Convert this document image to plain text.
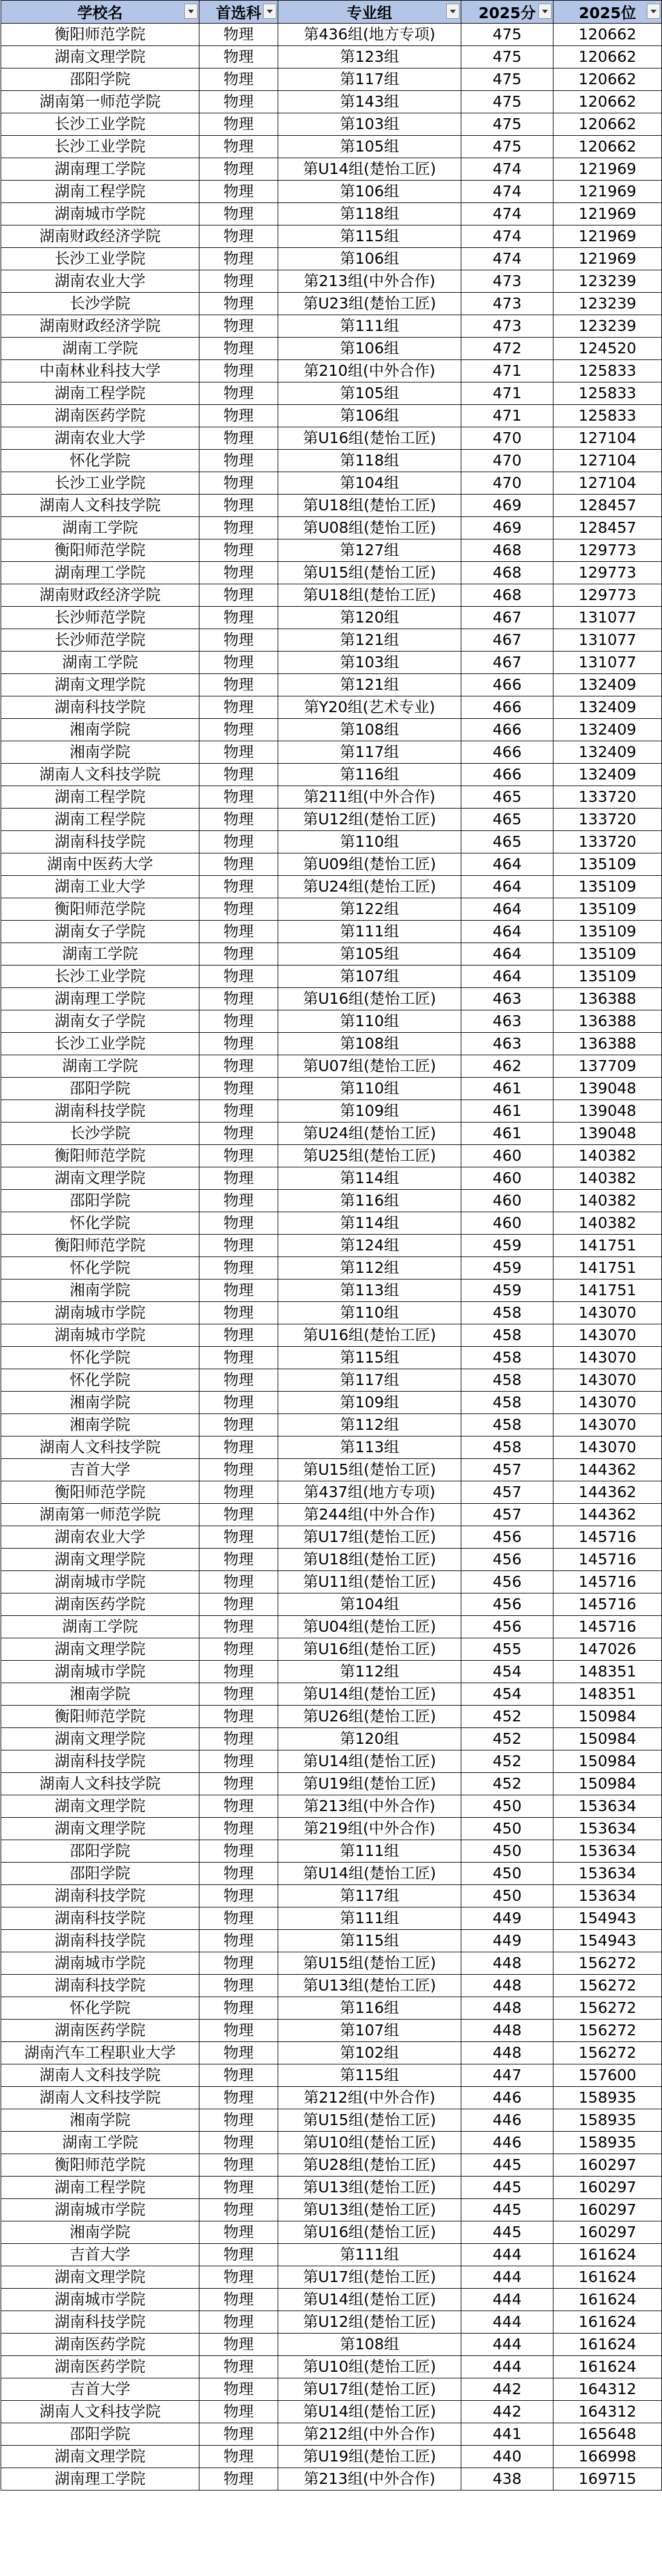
学校名	首选科	专业组	2025分	2025位

衡阳师范学院	物理	第436组(地方专项)	475	120662
湖南文理学院	物理	第123组	475	120662
邵阳学院	物理	第117组	475	120662
湖南第一师范学院	物理	第143组	475	120662
长沙工业学院	物理	第103组	475	120662
长沙工业学院	物理	第105组	475	120662
湖南理工学院	物理	第U14组(楚怡工匠)	474	121969
湖南工程学院	物理	第106组	474	121969
湖南城市学院	物理	第118组	474	121969
湖南财政经济学院	物理	第115组	474	121969
长沙工业学院	物理	第106组	474	121969
湖南农业大学	物理	第213组(中外合作)	473	123239
长沙学院	物理	第U23组(楚怡工匠)	473	123239
湖南财政经济学院	物理	第111组	473	123239
湖南工学院	物理	第106组	472	124520
中南林业科技大学	物理	第210组(中外合作)	471	125833
湖南工程学院	物理	第105组	471	125833
湖南医药学院	物理	第106组	471	125833
湖南农业大学	物理	第U16组(楚怡工匠)	470	127104
怀化学院	物理	第118组	470	127104
长沙工业学院	物理	第104组	470	127104
湖南人文科技学院	物理	第U18组(楚怡工匠)	469	128457
湖南工学院	物理	第U08组(楚怡工匠)	469	128457
衡阳师范学院	物理	第127组	468	129773
湖南理工学院	物理	第U15组(楚怡工匠)	468	129773
湖南财政经济学院	物理	第U18组(楚怡工匠)	468	129773
长沙师范学院	物理	第120组	467	131077
长沙师范学院	物理	第121组	467	131077
湖南工学院	物理	第103组	467	131077
湖南文理学院	物理	第121组	466	132409
湖南科技学院	物理	第Y20组(艺术专业)	466	132409
湘南学院	物理	第108组	466	132409
湘南学院	物理	第117组	466	132409
湖南人文科技学院	物理	第116组	466	132409
湖南工程学院	物理	第211组(中外合作)	465	133720
湖南工程学院	物理	第U12组(楚怡工匠)	465	133720
湖南科技学院	物理	第110组	465	133720
湖南中医药大学	物理	第U09组(楚怡工匠)	464	135109
湖南工业大学	物理	第U24组(楚怡工匠)	464	135109
衡阳师范学院	物理	第122组	464	135109
湖南女子学院	物理	第111组	464	135109
湖南工学院	物理	第105组	464	135109
长沙工业学院	物理	第107组	464	135109
湖南理工学院	物理	第U16组(楚怡工匠)	463	136388
湖南女子学院	物理	第110组	463	136388
长沙工业学院	物理	第108组	463	136388
湖南工学院	物理	第U07组(楚怡工匠)	462	137709
邵阳学院	物理	第110组	461	139048
湖南科技学院	物理	第109组	461	139048
长沙学院	物理	第U24组(楚怡工匠)	461	139048
衡阳师范学院	物理	第U25组(楚怡工匠)	460	140382
湖南文理学院	物理	第114组	460	140382
邵阳学院	物理	第116组	460	140382
怀化学院	物理	第114组	460	140382
衡阳师范学院	物理	第124组	459	141751
怀化学院	物理	第112组	459	141751
湘南学院	物理	第113组	459	141751
湖南城市学院	物理	第110组	458	143070
湖南城市学院	物理	第U16组(楚怡工匠)	458	143070
怀化学院	物理	第115组	458	143070
怀化学院	物理	第117组	458	143070
湘南学院	物理	第109组	458	143070
湘南学院	物理	第112组	458	143070
湖南人文科技学院	物理	第113组	458	143070
吉首大学	物理	第U15组(楚怡工匠)	457	144362
衡阳师范学院	物理	第437组(地方专项)	457	144362
湖南第一师范学院	物理	第244组(中外合作)	457	144362
湖南农业大学	物理	第U17组(楚怡工匠)	456	145716
湖南文理学院	物理	第U18组(楚怡工匠)	456	145716
湖南城市学院	物理	第U11组(楚怡工匠)	456	145716
湖南医药学院	物理	第104组	456	145716
湖南工学院	物理	第U04组(楚怡工匠)	456	145716
湖南文理学院	物理	第U16组(楚怡工匠)	455	147026
湖南城市学院	物理	第112组	454	148351
湘南学院	物理	第U14组(楚怡工匠)	454	148351
衡阳师范学院	物理	第U26组(楚怡工匠)	452	150984
湖南文理学院	物理	第120组	452	150984
湖南科技学院	物理	第U14组(楚怡工匠)	452	150984
湖南人文科技学院	物理	第U19组(楚怡工匠)	452	150984
湖南文理学院	物理	第213组(中外合作)	450	153634
湖南文理学院	物理	第219组(中外合作)	450	153634
邵阳学院	物理	第111组	450	153634
邵阳学院	物理	第U14组(楚怡工匠)	450	153634
湖南科技学院	物理	第117组	450	153634
湖南科技学院	物理	第111组	449	154943
湖南科技学院	物理	第115组	449	154943
湖南城市学院	物理	第U15组(楚怡工匠)	448	156272
湖南科技学院	物理	第U13组(楚怡工匠)	448	156272
怀化学院	物理	第116组	448	156272
湖南医药学院	物理	第107组	448	156272
湖南汽车工程职业大学	物理	第102组	448	156272
湖南人文科技学院	物理	第115组	447	157600
湖南人文科技学院	物理	第212组(中外合作)	446	158935
湘南学院	物理	第U15组(楚怡工匠)	446	158935
湖南工学院	物理	第U10组(楚怡工匠)	446	158935
衡阳师范学院	物理	第U28组(楚怡工匠)	445	160297
湖南工程学院	物理	第U13组(楚怡工匠)	445	160297
湖南城市学院	物理	第U13组(楚怡工匠)	445	160297
湘南学院	物理	第U16组(楚怡工匠)	445	160297
吉首大学	物理	第111组	444	161624
湖南文理学院	物理	第U17组(楚怡工匠)	444	161624
湖南城市学院	物理	第U14组(楚怡工匠)	444	161624
湖南科技学院	物理	第U12组(楚怡工匠)	444	161624
湖南医药学院	物理	第108组	444	161624
湖南医药学院	物理	第U10组(楚怡工匠)	444	161624
吉首大学	物理	第U17组(楚怡工匠)	442	164312
湖南人文科技学院	物理	第U14组(楚怡工匠)	442	164312
邵阳学院	物理	第212组(中外合作)	441	165648
湖南文理学院	物理	第U19组(楚怡工匠)	440	166998
湖南理工学院	物理	第213组(中外合作)	438	169715
